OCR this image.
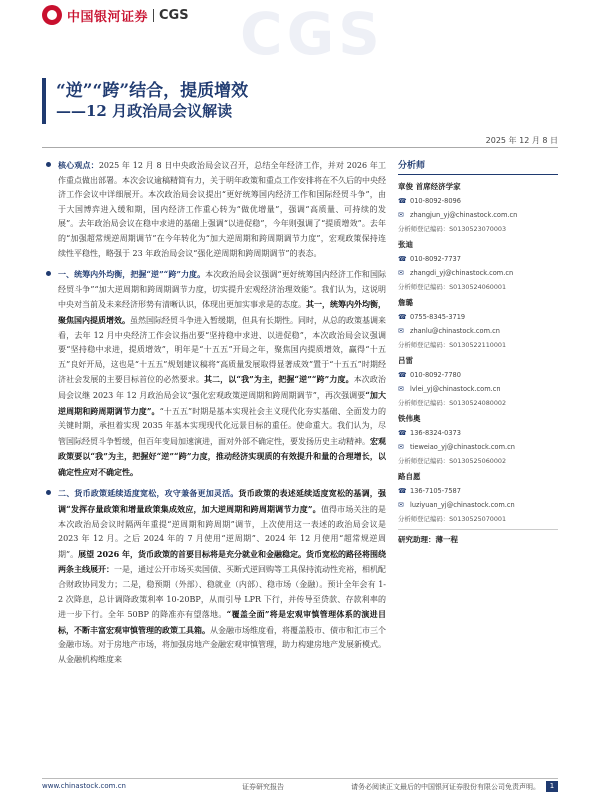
CGS
中国银河证券 CGS
“逆”“跨”结合，提质增效
——12 月政治局会议解读
2025 年 12 月 8 日
核心观点：2025 年 12 月 8 日中央政治局会议召开，总结全年经济工作，并对 2026 年工作重点做出部署。本次会议逾稿精简有力，关于明年政策和重点工作安排将在不久后的中央经济工作会议中详细展开。本次政治局会议提出“更好统筹国内经济工作和国际经贸斗争”，由于大国博弈进入缓和期，国内经济工作重心转为“做优增量”，强调“高质量、可持续的发展”。去年政治局会议在稳中求进的基础上强调“以进促稳”，今年则强调了“提质增效”。去年的“加强超常规逆周期调节”在今年转化为“加大逆周期和跨周期调节力度”，宏观政策保持连续性平稳性，略强于 23 年政治局会议“强化逆周期和跨周期调节”的表态。
一、统筹内外均衡，把握“逆”“跨”力度。本次政治局会议强调“更好统筹国内经济工作和国际经贸斗争”“加大逆周期和跨周期调节力度，切实提升宏观经济治理效能”。我们认为，这说明中央对当前及未来经济形势有清晰认识，体现出更加实事求是的态度。其一，统筹内外均衡，聚焦国内提质增效。虽然国际经贸斗争进入暂缓期，但具有长期性。同时，从总的政策基调来看，去年 12 月中央经济工作会议指出要“坚持稳中求进、以进促稳”，本次政治局会议强调要“坚持稳中求进，提质增效”，明年是“十五五”开局之年，聚焦国内提质增效，赢得“十五五”良好开局，这也是“十五五”规划建议稿将“高质量发展取得显著成效”置于“十五五”时期经济社会发展的主要目标首位的必然要求。其二，以“我”为主，把握“逆”“跨”力度。本次政治局会议继 2023 年 12 月政治局会议“强化宏观政策逆周期和跨周期调节”，再次强调要“加大逆周期和跨周期调节力度”。“十五五”时期是基本实现社会主义现代化夯实基础、全面发力的关键时期，承担着实现 2035 年基本实现现代化远景目标的重任。使命重大。我们认为，尽管国际经贸斗争暂缓，但百年变局加速演进，面对外部不确定性，要发扬历史主动精神。宏观政策要以“我”为主，把握好“逆”“跨”力度，推动经济实现质的有效提升和量的合理增长，以确定性应对不确定性。
二、货币政策延续适度宽松，攻守兼备更加灵活。货币政策的表述延续适度宽松的基调，强调“发挥存量政策和增量政策集成效应，加大逆周期和跨周期调节力度”。值得市场关注的是本次政治局会议时隔两年重提“逆周期和跨周期”调节，上次使用这一表述的政治局会议是 2023 年 12 月。之后 2024 年的 7 月使用“逆周期”、2024 年 12 月使用“超常规逆周期”。展望 2026 年，货币政策的首要目标将是充分就业和金融稳定。货币宽松的路径将围绕两条主线展开：一是，通过公开市场买卖国债、买断式逆回购等工具保持流动性充裕，相机配合财政协同发力；二是，稳预期（外部）、稳就业（内部）、稳市场（金融）。预计全年会有 1-2 次降息，总计调降政策利率 10-20BP，从而引导 LPR 下行，并传导至贷款、存款利率的进一步下行。全年 50BP 的降准亦有望落地。“覆盖全面”将是宏观审慎管理体系的演进目标，不断丰富宏观审慎管理的政策工具箱。从金融市场维度看，将覆盖股市、债市和汇市三个金融市场。对于房地产市场，将加强房地产金融宏观审慎管理，助力构建房地产发展新模式。从金融机构维度来
分析师
章俊 首席经济学家
☎ 010-8092-8096
✉ zhangjun_yj@chinastock.com.cn
分析师登记编码：S0130523070003
张迪
☎ 010-8092-7737
✉ zhangdi_yj@chinastock.com.cn
分析师登记编码：S0130524060001
詹璐
☎ 0755-8345-3719
✉ zhanlu@chinastock.com.cn
分析师登记编码：S0130522110001
吕雷
☎ 010-8092-7780
✉ lvlei_yj@chinastock.com.cn
分析师登记编码：S0130524080002
铁伟奥
☎ 136-8324-0373
✉ tieweiao_yj@chinastock.com.cn
分析师登记编码：S0130525060002
路自愿
☎ 136-7105-7587
✉ luziyuan_yj@chinastock.com.cn
分析师登记编码：S0130525070001
研究助理：薄一程
www.chinastock.com.cn	证券研究报告	请务必阅读正文最后的中国银河证券股份有限公司免责声明。	1
